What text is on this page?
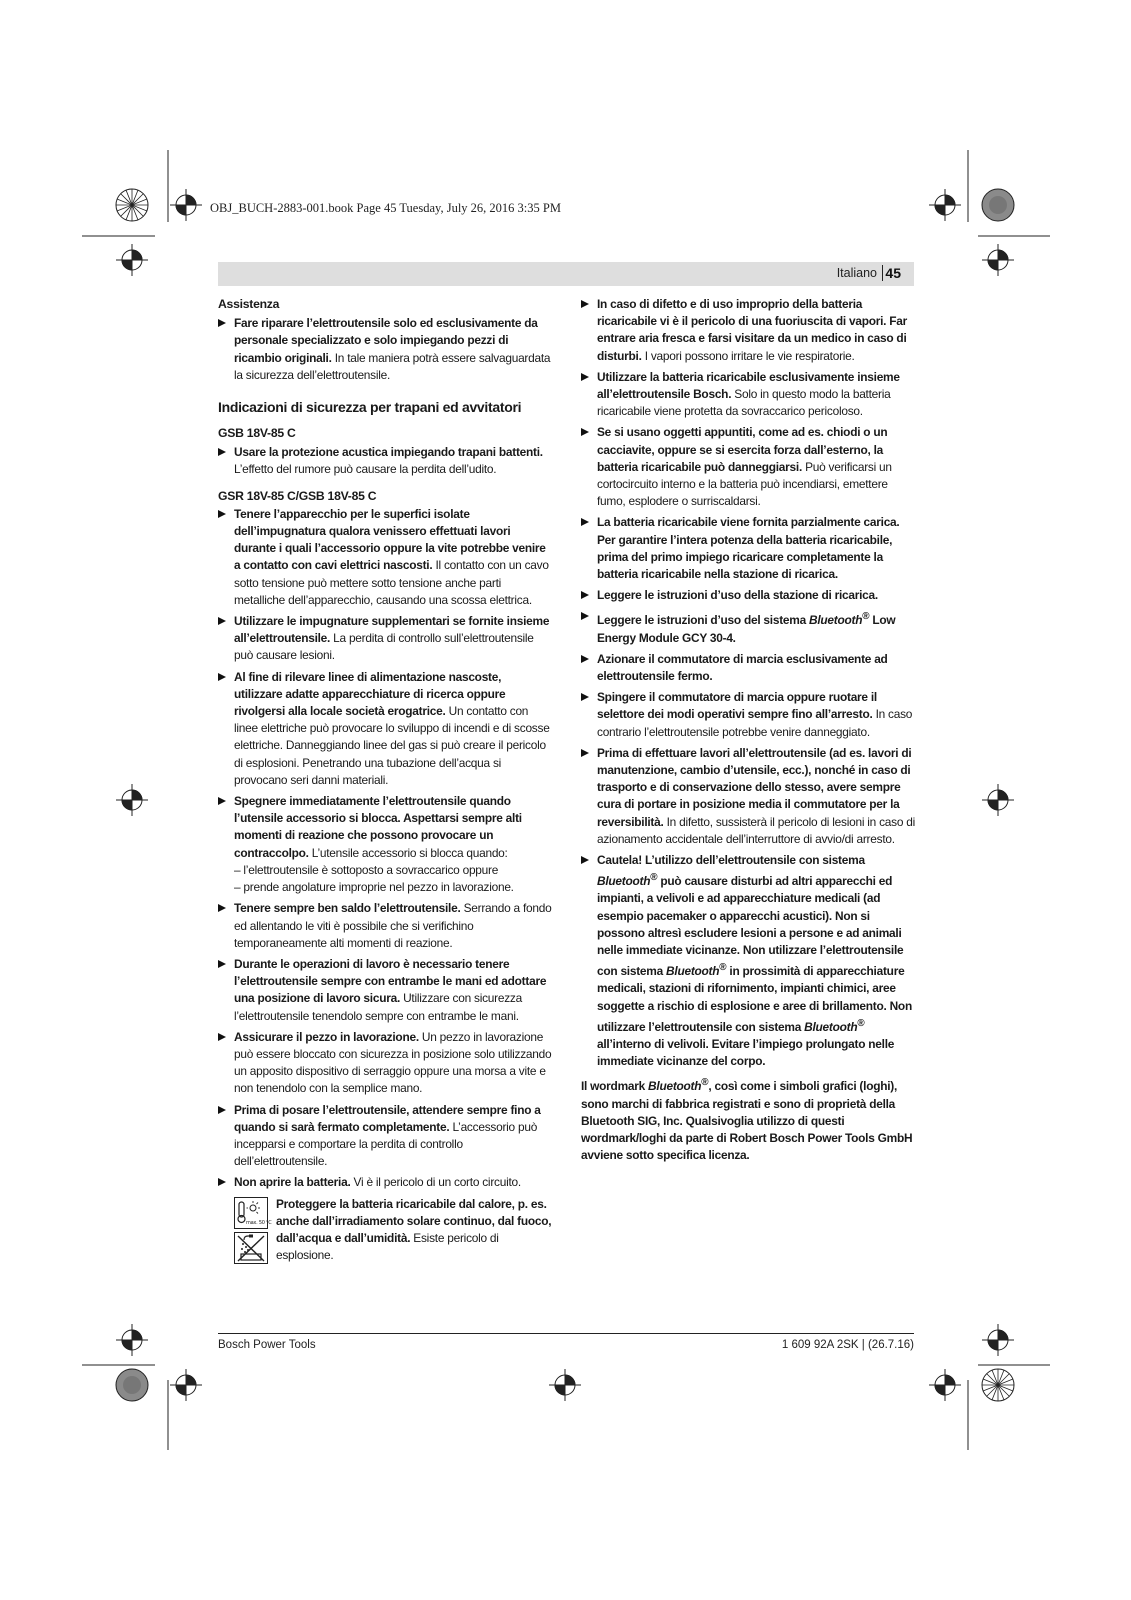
OBJ_BUCH-2883-001.book Page 45 Tuesday, July 26, 2016 3:35 PM
Italiano 45
Assistenza
Fare riparare l’elettroutensile solo ed esclusivamente da personale specializzato e solo impiegando pezzi di ricambio originali. In tale maniera potrà essere salvaguardata la sicurezza dell’elettroutensile.
Indicazioni di sicurezza per trapani ed avvitatori
GSB 18V-85 C
Usare la protezione acustica impiegando trapani battenti. L’effetto del rumore può causare la perdita dell’udito.
GSR 18V-85 C/GSB 18V-85 C
Tenere l’apparecchio per le superfici isolate dell’impugnatura qualora venissero effettuati lavori durante i quali l’accessorio oppure la vite potrebbe venire a contatto con cavi elettrici nascosti. Il contatto con un cavo sotto tensione può mettere sotto tensione anche parti metalliche dell’apparecchio, causando una scossa elettrica.
Utilizzare le impugnature supplementari se fornite insieme all’elettroutensile. La perdita di controllo sull’elettroutensile può causare lesioni.
Al fine di rilevare linee di alimentazione nascoste, utilizzare adatte apparecchiature di ricerca oppure rivolgersi alla locale società erogatrice. Un contatto con linee elettriche può provocare lo sviluppo di incendi e di scosse elettriche. Danneggiando linee del gas si può creare il pericolo di esplosioni. Penetrando una tubazione dell’acqua si provocano seri danni materiali.
Spegnere immediatamente l’elettroutensile quando l’utensile accessorio si blocca. Aspettarsi sempre alti momenti di reazione che possono provocare un contraccolpo. L’utensile accessorio si blocca quando:
– l’elettroutensile è sottoposto a sovraccarico oppure
– prende angolature improprie nel pezzo in lavorazione.
Tenere sempre ben saldo l’elettroutensile. Serrando a fondo ed allentando le viti è possibile che si verifichino temporaneamente alti momenti di reazione.
Durante le operazioni di lavoro è necessario tenere l’elettroutensile sempre con entrambe le mani ed adottare una posizione di lavoro sicura. Utilizzare con sicurezza l’elettroutensile tenendolo sempre con entrambe le mani.
Assicurare il pezzo in lavorazione. Un pezzo in lavorazione può essere bloccato con sicurezza in posizione solo utilizzando un apposito dispositivo di serraggio oppure una morsa a vite e non tenendolo con la semplice mano.
Prima di posare l’elettroutensile, attendere sempre fino a quando si sarà fermato completamente. L’accessorio può incepparsi e comportare la perdita di controllo dell’elettroutensile.
Non aprire la batteria. Vi è il pericolo di un corto circuito.
max. 50 °C
Proteggere la batteria ricaricabile dal calore, p. es. anche dall’irradiamento solare continuo, dal fuoco, dall’acqua e dall’umidità. Esiste pericolo di esplosione.
In caso di difetto e di uso improprio della batteria ricaricabile vi è il pericolo di una fuoriuscita di vapori. Far entrare aria fresca e farsi visitare da un medico in caso di disturbi. I vapori possono irritare le vie respiratorie.
Utilizzare la batteria ricaricabile esclusivamente insieme all’elettroutensile Bosch. Solo in questo modo la batteria ricaricabile viene protetta da sovraccarico pericoloso.
Se si usano oggetti appuntiti, come ad es. chiodi o un cacciavite, oppure se si esercita forza dall’esterno, la batteria ricaricabile può danneggiarsi. Può verificarsi un cortocircuito interno e la batteria può incendiarsi, emettere fumo, esplodere o surriscaldarsi.
La batteria ricaricabile viene fornita parzialmente carica. Per garantire l’intera potenza della batteria ricaricabile, prima del primo impiego ricaricare completamente la batteria ricaricabile nella stazione di ricarica.
Leggere le istruzioni d’uso della stazione di ricarica.
Leggere le istruzioni d’uso del sistema Bluetooth® Low Energy Module GCY 30-4.
Azionare il commutatore di marcia esclusivamente ad elettroutensile fermo.
Spingere il commutatore di marcia oppure ruotare il selettore dei modi operativi sempre fino all’arresto. In caso contrario l’elettroutensile potrebbe venire danneggiato.
Prima di effettuare lavori all’elettroutensile (ad es. lavori di manutenzione, cambio d’utensile, ecc.), nonché in caso di trasporto e di conservazione dello stesso, avere sempre cura di portare in posizione media il commutatore per la reversibilità. In difetto, sussisterà il pericolo di lesioni in caso di azionamento accidentale dell’interruttore di avvio/di arresto.
Cautela! L’utilizzo dell’elettroutensile con sistema Bluetooth® può causare disturbi ad altri apparecchi ed impianti, a velivoli e ad apparecchiature medicali (ad esempio pacemaker o apparecchi acustici). Non si possono altresì escludere lesioni a persone e ad animali nelle immediate vicinanze. Non utilizzare l’elettroutensile con sistema Bluetooth® in prossimità di apparecchiature medicali, stazioni di rifornimento, impianti chimici, aree soggette a rischio di esplosione e aree di brillamento. Non utilizzare l’elettroutensile con sistema Bluetooth® all’interno di velivoli. Evitare l’impiego prolungato nelle immediate vicinanze del corpo.
Il wordmark Bluetooth®, così come i simboli grafici (loghi), sono marchi di fabbrica registrati e sono di proprietà della Bluetooth SIG, Inc. Qualsivoglia utilizzo di questi wordmark/loghi da parte di Robert Bosch Power Tools GmbH avviene sotto specifica licenza.
Bosch Power Tools	1 609 92A 2SK | (26.7.16)
